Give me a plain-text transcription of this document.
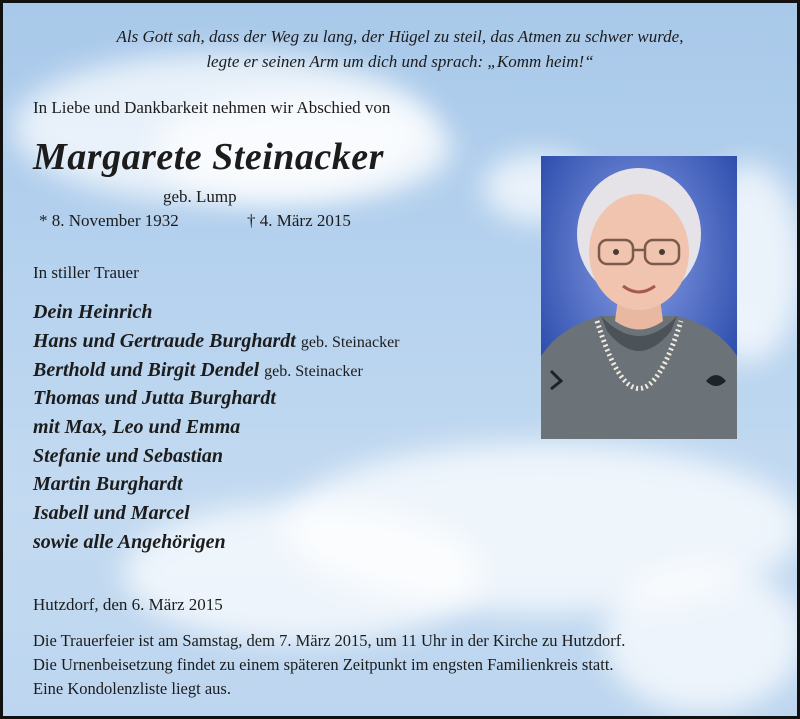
Als Gott sah, dass der Weg zu lang, der Hügel zu steil, das Atmen zu schwer wurde,
legte er seinen Arm um dich und sprach: „Komm heim!“
In Liebe und Dankbarkeit nehmen wir Abschied von
Margarete Steinacker
geb. Lump
* 8. November 1932	† 4. März 2015
In stiller Trauer
Dein Heinrich
Hans und Gertraude Burghardt geb. Steinacker
Berthold und Birgit Dendel geb. Steinacker
Thomas und Jutta Burghardt
mit Max, Leo und Emma
Stefanie und Sebastian
Martin Burghardt
Isabell und Marcel
sowie alle Angehörigen
Hutzdorf, den 6. März 2015
Die Trauerfeier ist am Samstag, dem 7. März 2015, um 11 Uhr in der Kirche zu Hutzdorf.
Die Urnenbeisetzung findet zu einem späteren Zeitpunkt im engsten Familienkreis statt.
Eine Kondolenzliste liegt aus.
